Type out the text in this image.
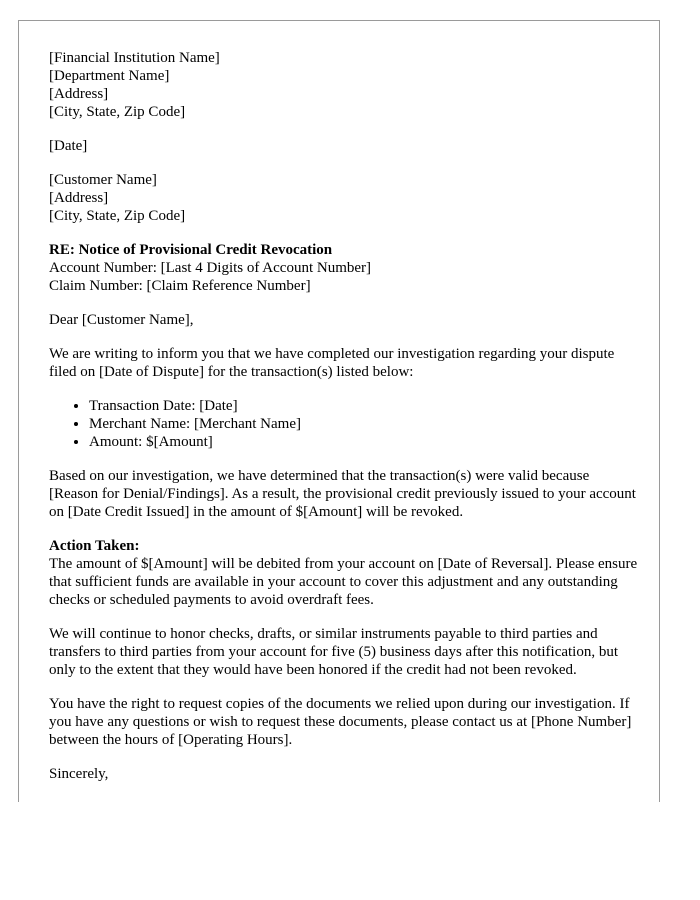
[Financial Institution Name]
[Department Name]
[Address]
[City, State, Zip Code]
[Date]
[Customer Name]
[Address]
[City, State, Zip Code]
RE: Notice of Provisional Credit Revocation
Account Number: [Last 4 Digits of Account Number]
Claim Number: [Claim Reference Number]

Dear [Customer Name],

We are writing to inform you that we have completed our investigation regarding your dispute filed on [Date of Dispute] for the transaction(s) listed below:

• Transaction Date: [Date]
• Merchant Name: [Merchant Name]
• Amount: $[Amount]

Based on our investigation, we have determined that the transaction(s) were valid because [Reason for Denial/Findings]. As a result, the provisional credit previously issued to your account on [Date Credit Issued] in the amount of $[Amount] will be revoked.

Action Taken:
The amount of $[Amount] will be debited from your account on [Date of Reversal]. Please ensure that sufficient funds are available in your account to cover this adjustment and any outstanding checks or scheduled payments to avoid overdraft fees.

We will continue to honor checks, drafts, or similar instruments payable to third parties and transfers to third parties from your account for five (5) business days after this notification, but only to the extent that they would have been honored if the credit had not been revoked.

You have the right to request copies of the documents we relied upon during our investigation. If you have any questions or wish to request these documents, please contact us at [Phone Number] between the hours of [Operating Hours].

Sincerely,
